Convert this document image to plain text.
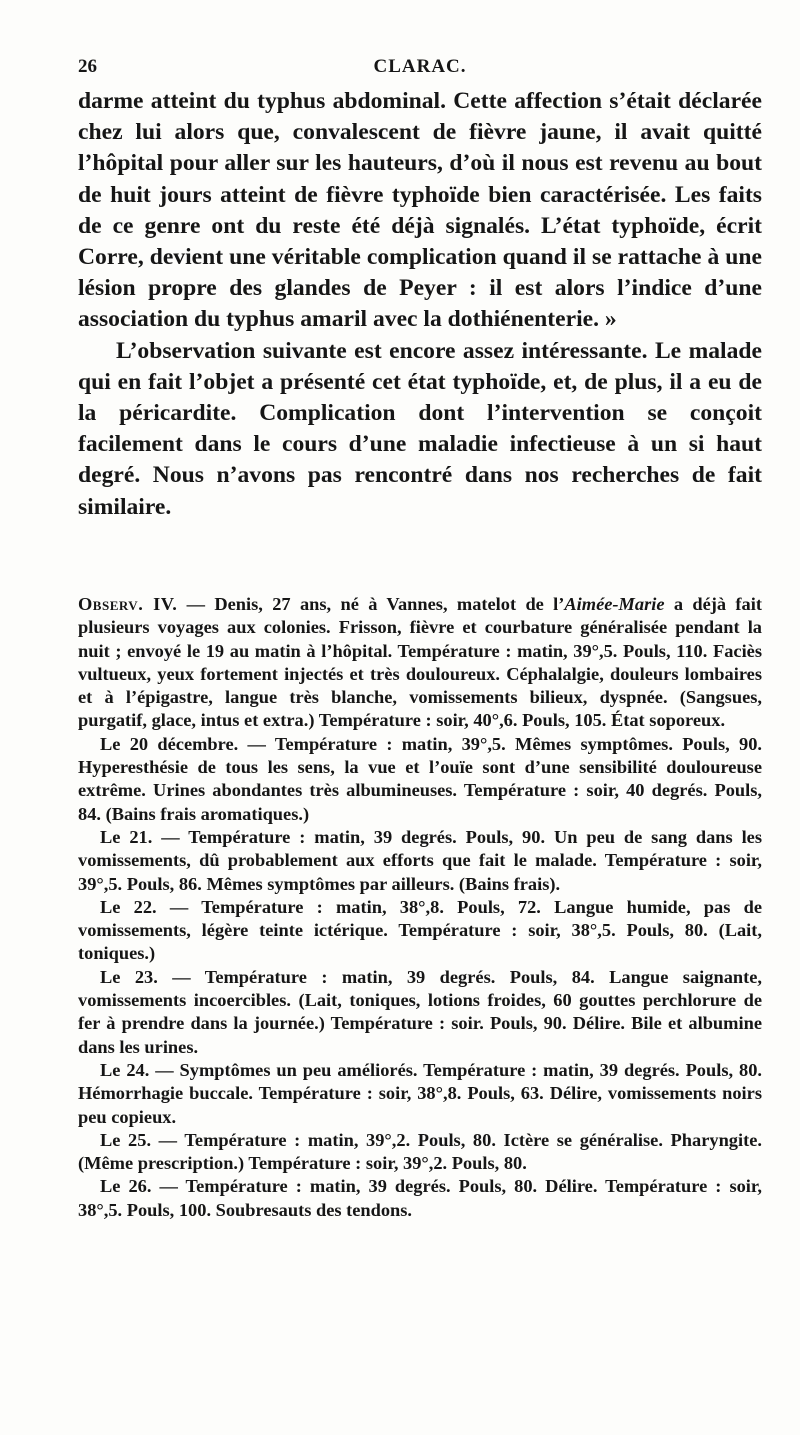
26	CLARAC.

darme atteint du typhus abdominal. Cette affection s’était déclarée chez lui alors que, convalescent de fièvre jaune, il avait quitté l’hôpital pour aller sur les hauteurs, d’où il nous est revenu au bout de huit jours atteint de fièvre typhoïde bien caractérisée. Les faits de ce genre ont du reste été déjà signalés. L’état typhoïde, écrit Corre, devient une véritable complication quand il se rattache à une lésion propre des glandes de Peyer : il est alors l’indice d’une association du typhus amaril avec la dothiénenterie. »

L’observation suivante est encore assez intéressante. Le malade qui en fait l’objet a présenté cet état typhoïde, et, de plus, il a eu de la péricardite. Complication dont l’intervention se conçoit facilement dans le cours d’une maladie infectieuse à un si haut degré. Nous n’avons pas rencontré dans nos recherches de fait similaire.

Observ. IV. — Denis, 27 ans, né à Vannes, matelot de l’Aimée-Marie a déjà fait plusieurs voyages aux colonies. Frisson, fièvre et courbature généralisée pendant la nuit ; envoyé le 19 au matin à l’hôpital. Température : matin, 39°,5. Pouls, 110. Faciès vultueux, yeux fortement injectés et très douloureux. Céphalalgie, douleurs lombaires et à l’épigastre, langue très blanche, vomissements bilieux, dyspnée. (Sangsues, purgatif, glace, intus et extra.) Température : soir, 40°,6. Pouls, 105. État soporeux.

Le 20 décembre. — Température : matin, 39°,5. Mêmes symptômes. Pouls, 90. Hyperesthésie de tous les sens, la vue et l’ouïe sont d’une sensibilité douloureuse extrême. Urines abondantes très albumineuses. Température : soir, 40 degrés. Pouls, 84. (Bains frais aromatiques.)

Le 21. — Température : matin, 39 degrés. Pouls, 90. Un peu de sang dans les vomissements, dû probablement aux efforts que fait le malade. Température : soir, 39°,5. Pouls, 86. Mêmes symptômes par ailleurs. (Bains frais).

Le 22. — Température : matin, 38°,8. Pouls, 72. Langue humide, pas de vomissements, légère teinte ictérique. Température : soir, 38°,5. Pouls, 80. (Lait, toniques.)

Le 23. — Température : matin, 39 degrés. Pouls, 84. Langue saignante, vomissements incoercibles. (Lait, toniques, lotions froides, 60 gouttes perchlorure de fer à prendre dans la journée.) Température : soir. Pouls, 90. Délire. Bile et albumine dans les urines.

Le 24. — Symptômes un peu améliorés. Température : matin, 39 degrés. Pouls, 80. Hémorrhagie buccale. Température : soir, 38°,8. Pouls, 63. Délire, vomissements noirs peu copieux.

Le 25. — Température : matin, 39°,2. Pouls, 80. Ictère se généralise. Pharyngite. (Même prescription.) Température : soir, 39°,2. Pouls, 80.

Le 26. — Température : matin, 39 degrés. Pouls, 80. Délire. Température : soir, 38°,5. Pouls, 100. Soubresauts des tendons.
